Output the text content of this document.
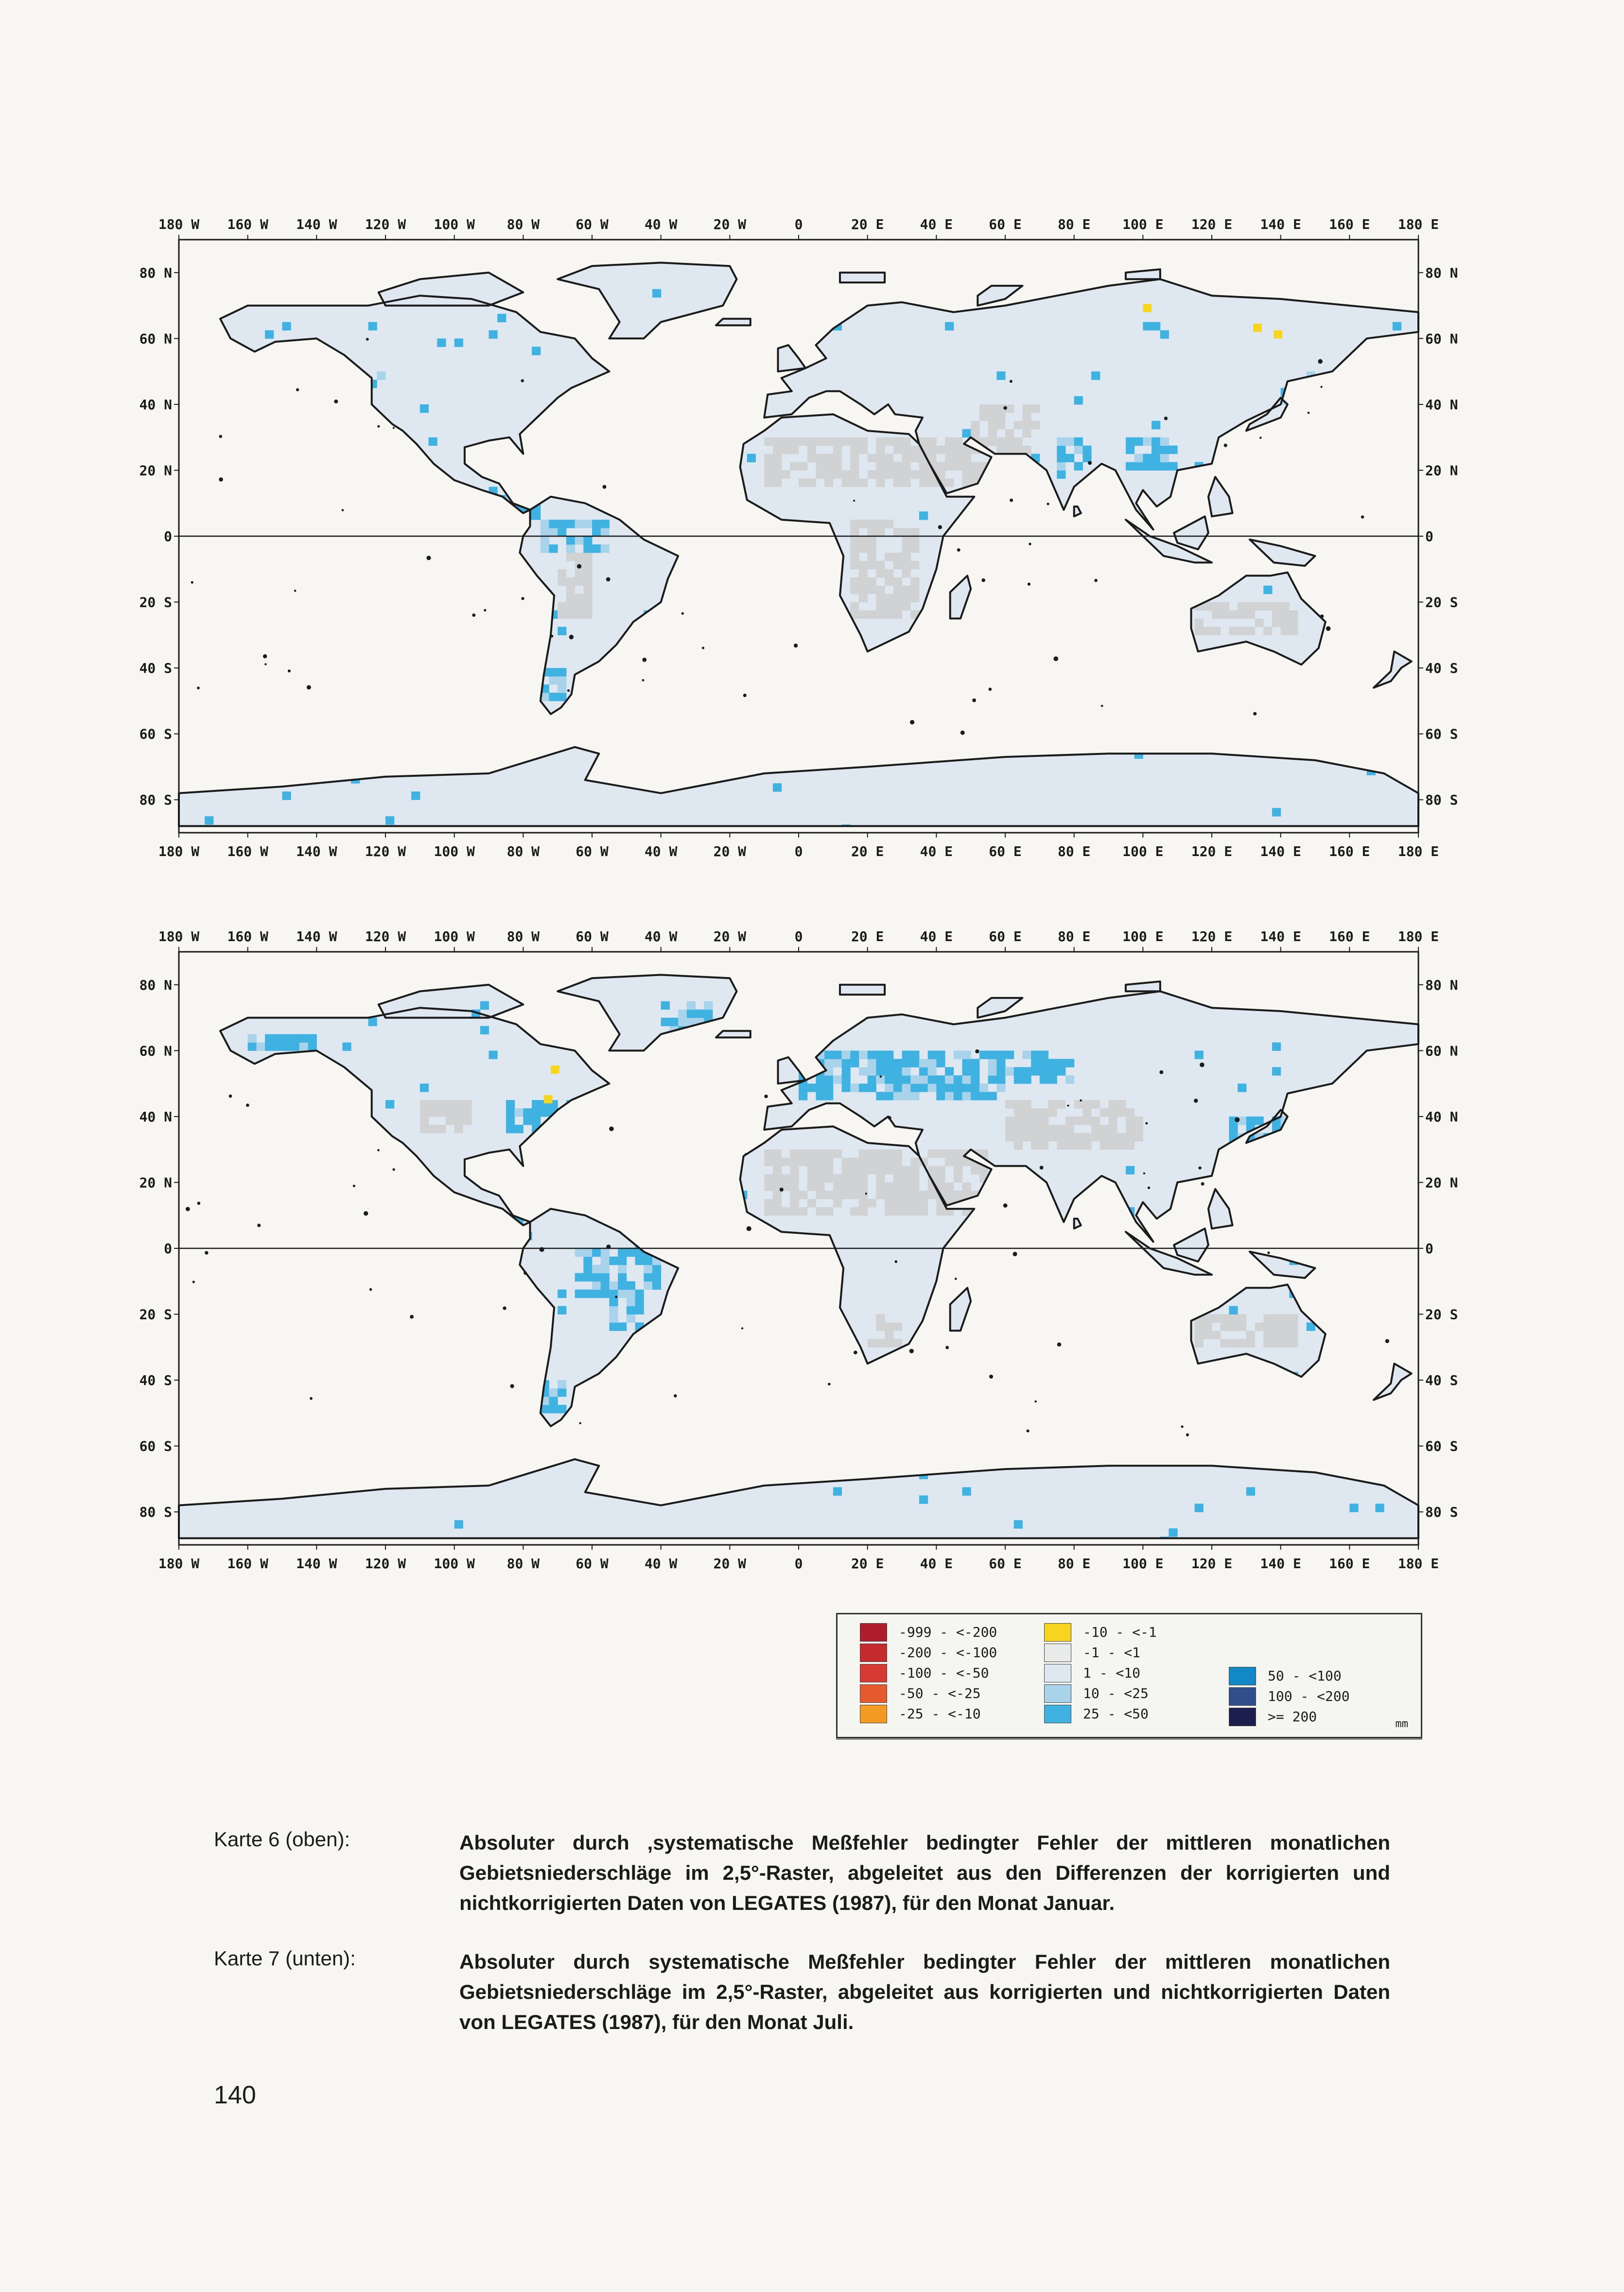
180 W
180 W
160 W
160 W
140 W
140 W
120 W
120 W
100 W
100 W
80 W
80 W
60 W
60 W
40 W
40 W
20 W
20 W
0
0
20 E
20 E
40 E
40 E
60 E
60 E
80 E
80 E
100 E
100 E
120 E
120 E
140 E
140 E
160 E
160 E
180 E
180 E
80 N	80 N
60 N	60 N
40 N	40 N
20 N	20 N
0	0
20 S	20 S
40 S	40 S
60 S	60 S
80 S	80 S
180 W
180 W
160 W
160 W
140 W
140 W
120 W
120 W
100 W
100 W
80 W
80 W
60 W
60 W
40 W
40 W
20 W
20 W
0
0
20 E
20 E
40 E
40 E
60 E
60 E
80 E
80 E
100 E
100 E
120 E
120 E
140 E
140 E
160 E
160 E
180 E
180 E
80 N	80 N
60 N	60 N
40 N	40 N
20 N	20 N
0	0
20 S	20 S
40 S	40 S
60 S	60 S
80 S	80 S
-999 - <-200
-200 - <-100
-100 - <-50
-50 - <-25
-25 - <-10
-10 - <-1
-1 - <1
1 - <10
10 - <25
25 - <50
50 - <100
100 - <200
>= 200	mm
Karte 6 (oben):	Absoluter durch ,systematische Meßfehler bedingter Fehler der mittleren monatlichen Gebietsniederschläge im 2,5°-Raster, abgeleitet aus den Differenzen der korrigierten und nichtkorrigierten Daten von LEGATES (1987), für den Monat Januar.
Karte 7 (unten):	Absoluter durch systematische Meßfehler bedingter Fehler der mittleren monatlichen Gebietsniederschläge im 2,5°-Raster, abgeleitet aus korrigierten und nichtkorrigierten Daten von LEGATES (1987), für den Monat Juli.
140
